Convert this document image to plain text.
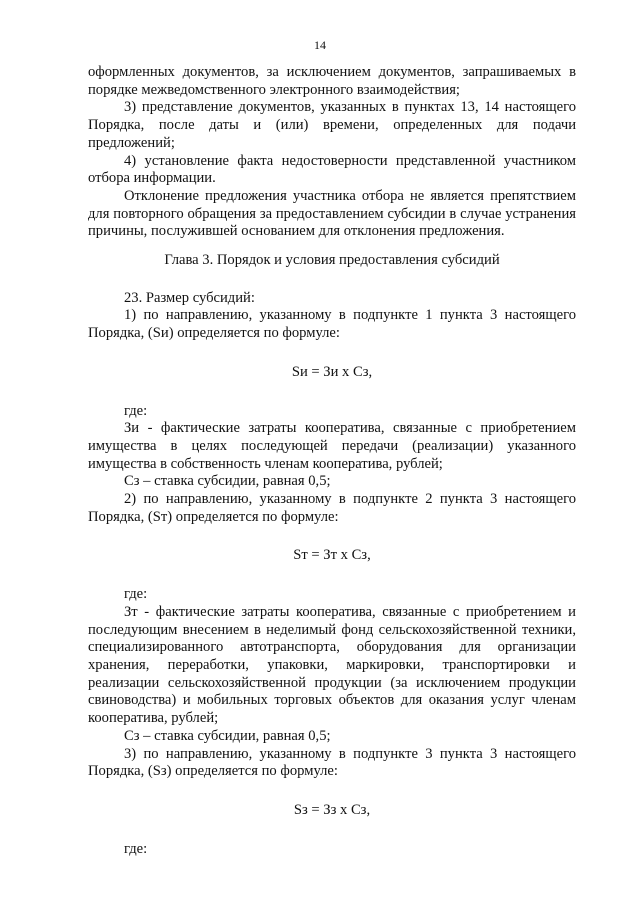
14

оформленных документов, за исключением документов, запрашиваемых в порядке межведомственного электронного взаимодействия;

3) представление документов, указанных в пунктах 13, 14 настоящего Порядка, после даты и (или) времени, определенных для подачи предложений;

4) установление факта недостоверности представленной участником отбора информации.

Отклонение предложения участника отбора не является препятствием для повторного обращения за предоставлением субсидии в случае устранения причины, послужившей основанием для отклонения предложения.

Глава 3. Порядок и условия предоставления субсидий

23. Размер субсидий:

1) по направлению, указанному в подпункте 1 пункта 3 настоящего Порядка, (Sи) определяется по формуле:

Sи = Зи х Сз,

где:

Зи - фактические затраты кооператива, связанные с приобретением имущества в целях последующей передачи (реализации) указанного имущества в собственность членам кооператива, рублей;

Сз – ставка субсидии, равная 0,5;

2) по направлению, указанному в подпункте 2 пункта 3 настоящего Порядка, (Sт) определяется по формуле:

Sт = Зт х Сз,

где:

Зт - фактические затраты кооператива, связанные с приобретением и последующим внесением в неделимый фонд сельскохозяйственной техники, специализированного автотранспорта, оборудования для организации хранения, переработки, упаковки, маркировки, транспортировки и реализации сельскохозяйственной продукции (за исключением продукции свиноводства) и мобильных торговых объектов для оказания услуг членам кооператива, рублей;

Сз – ставка субсидии, равная 0,5;

3) по направлению, указанному в подпункте 3 пункта 3 настоящего Порядка, (Sз) определяется по формуле:

Sз = Зз х Сз,

где:
